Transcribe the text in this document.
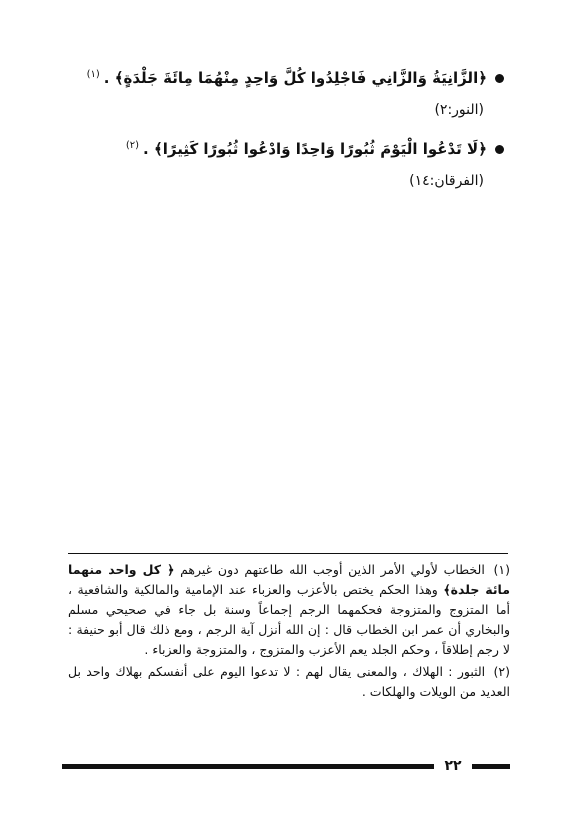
﴿الزَّانِيَةُ وَالزَّانِي فَاجْلِدُوا كُلَّ وَاحِدٍ مِنْهُمَا مِائَةَ جَلْدَةٍ﴾ .$^{(١)}$
(النور:٢)
﴿لَا تَدْعُوا الْيَوْمَ ثُبُورًا وَاحِدًا وَادْعُوا ثُبُورًا كَثِيرًا﴾ .$^{(٢)}$
(الفرقان:١٤)

(١) الخطاب لأولي الأمر الذين أوجب الله طاعتهم دون غيرهم ﴿ كل واحد منهما مائة جلدة﴾ وهذا الحكم يختص بالأعزب والعزباء عند الإمامية والمالكية والشافعية ، أما المتزوج والمتزوجة فحكمهما الرجم إجماعاً وسنة بل جاء في صحيحي مسلم والبخاري أن عمر ابن الخطاب قال : إن الله أنزل آية الرجم ، ومع ذلك قال أبو حنيفة : لا رجم إطلاقاً ، وحكم الجلد يعم الأعزب والمتزوج ، والمتزوجة والعزباء .

(٢) الثبور : الهلاك ، والمعنى يقال لهم : لا تدعوا اليوم على أنفسكم بهلاك واحد بل العديد من الويلات والهلكات .

٢٢
